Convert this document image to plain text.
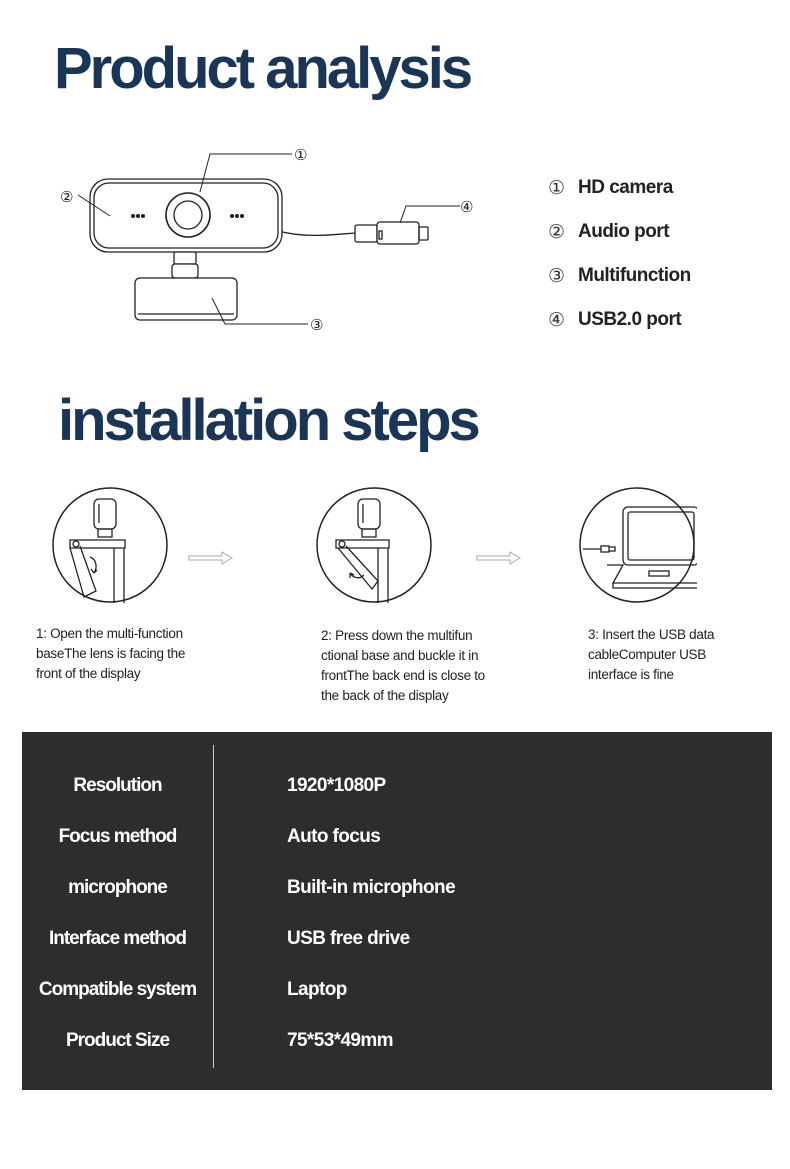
Product analysis
①
②
④
③
① HD camera
② Audio port
③ Multifunction
④ USB2.0 port
installation steps
1: Open the multi-function
baseThe lens is facing the
front of the display
2: Press down the multifun
ctional base and buckle it in
frontThe back end is close to
the back of the display
3: Insert the USB data
cableComputer USB
interface is fine
Resolution	1920*1080P
Focus method	Auto focus
microphone	Built-in microphone
Interface method	USB free drive
Compatible system	Laptop
Product Size	75*53*49mm
